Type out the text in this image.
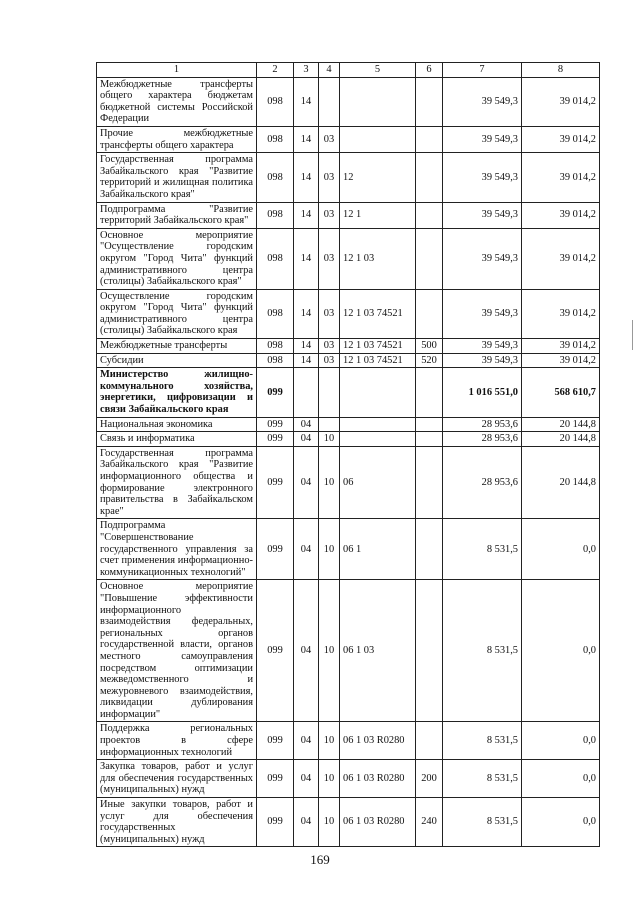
1	2	3	4	5	6	7	8
Межбюджетные трансферты общего характера бюджетам бюджетной системы Российской Федерации	098	14				39 549,3	39 014,2
Прочие межбюджетные трансферты общего характера	098	14	03			39 549,3	39 014,2
Государственная программа Забайкальского края "Развитие территорий и жилищная политика Забайкальского края"	098	14	03	12		39 549,3	39 014,2
Подпрограмма "Развитие территорий Забайкальского края"	098	14	03	12 1		39 549,3	39 014,2
Основное мероприятие "Осуществление городским округом "Город Чита" функций административного центра (столицы) Забайкальского края"	098	14	03	12 1 03		39 549,3	39 014,2
Осуществление городским округом "Город Чита" функций административного центра (столицы) Забайкальского края	098	14	03	12 1 03 74521		39 549,3	39 014,2
Межбюджетные трансферты	098	14	03	12 1 03 74521	500	39 549,3	39 014,2
Субсидии	098	14	03	12 1 03 74521	520	39 549,3	39 014,2
Министерство жилищно-коммунального хозяйства, энергетики, цифровизации и связи Забайкальского края	099					1 016 551,0	568 610,7
Национальная экономика	099	04				28 953,6	20 144,8
Связь и информатика	099	04	10			28 953,6	20 144,8
Государственная программа Забайкальского края "Развитие информационного общества и формирование электронного правительства в Забайкальском крае"	099	04	10	06		28 953,6	20 144,8
Подпрограмма "Совершенствование государственного управления за счет применения информационно-коммуникационных технологий"	099	04	10	06 1		8 531,5	0,0
Основное мероприятие "Повышение эффективности информационного взаимодействия федеральных, региональных органов государственной власти, органов местного самоуправления посредством оптимизации межведомственного и межуровневого взаимодействия, ликвидации дублирования информации"	099	04	10	06 1 03		8 531,5	0,0
Поддержка региональных проектов в сфере информационных технологий	099	04	10	06 1 03 R0280		8 531,5	0,0
Закупка товаров, работ и услуг для обеспечения государственных (муниципальных) нужд	099	04	10	06 1 03 R0280	200	8 531,5	0,0
Иные закупки товаров, работ и услуг для обеспечения государственных (муниципальных) нужд	099	04	10	06 1 03 R0280	240	8 531,5	0,0
169
